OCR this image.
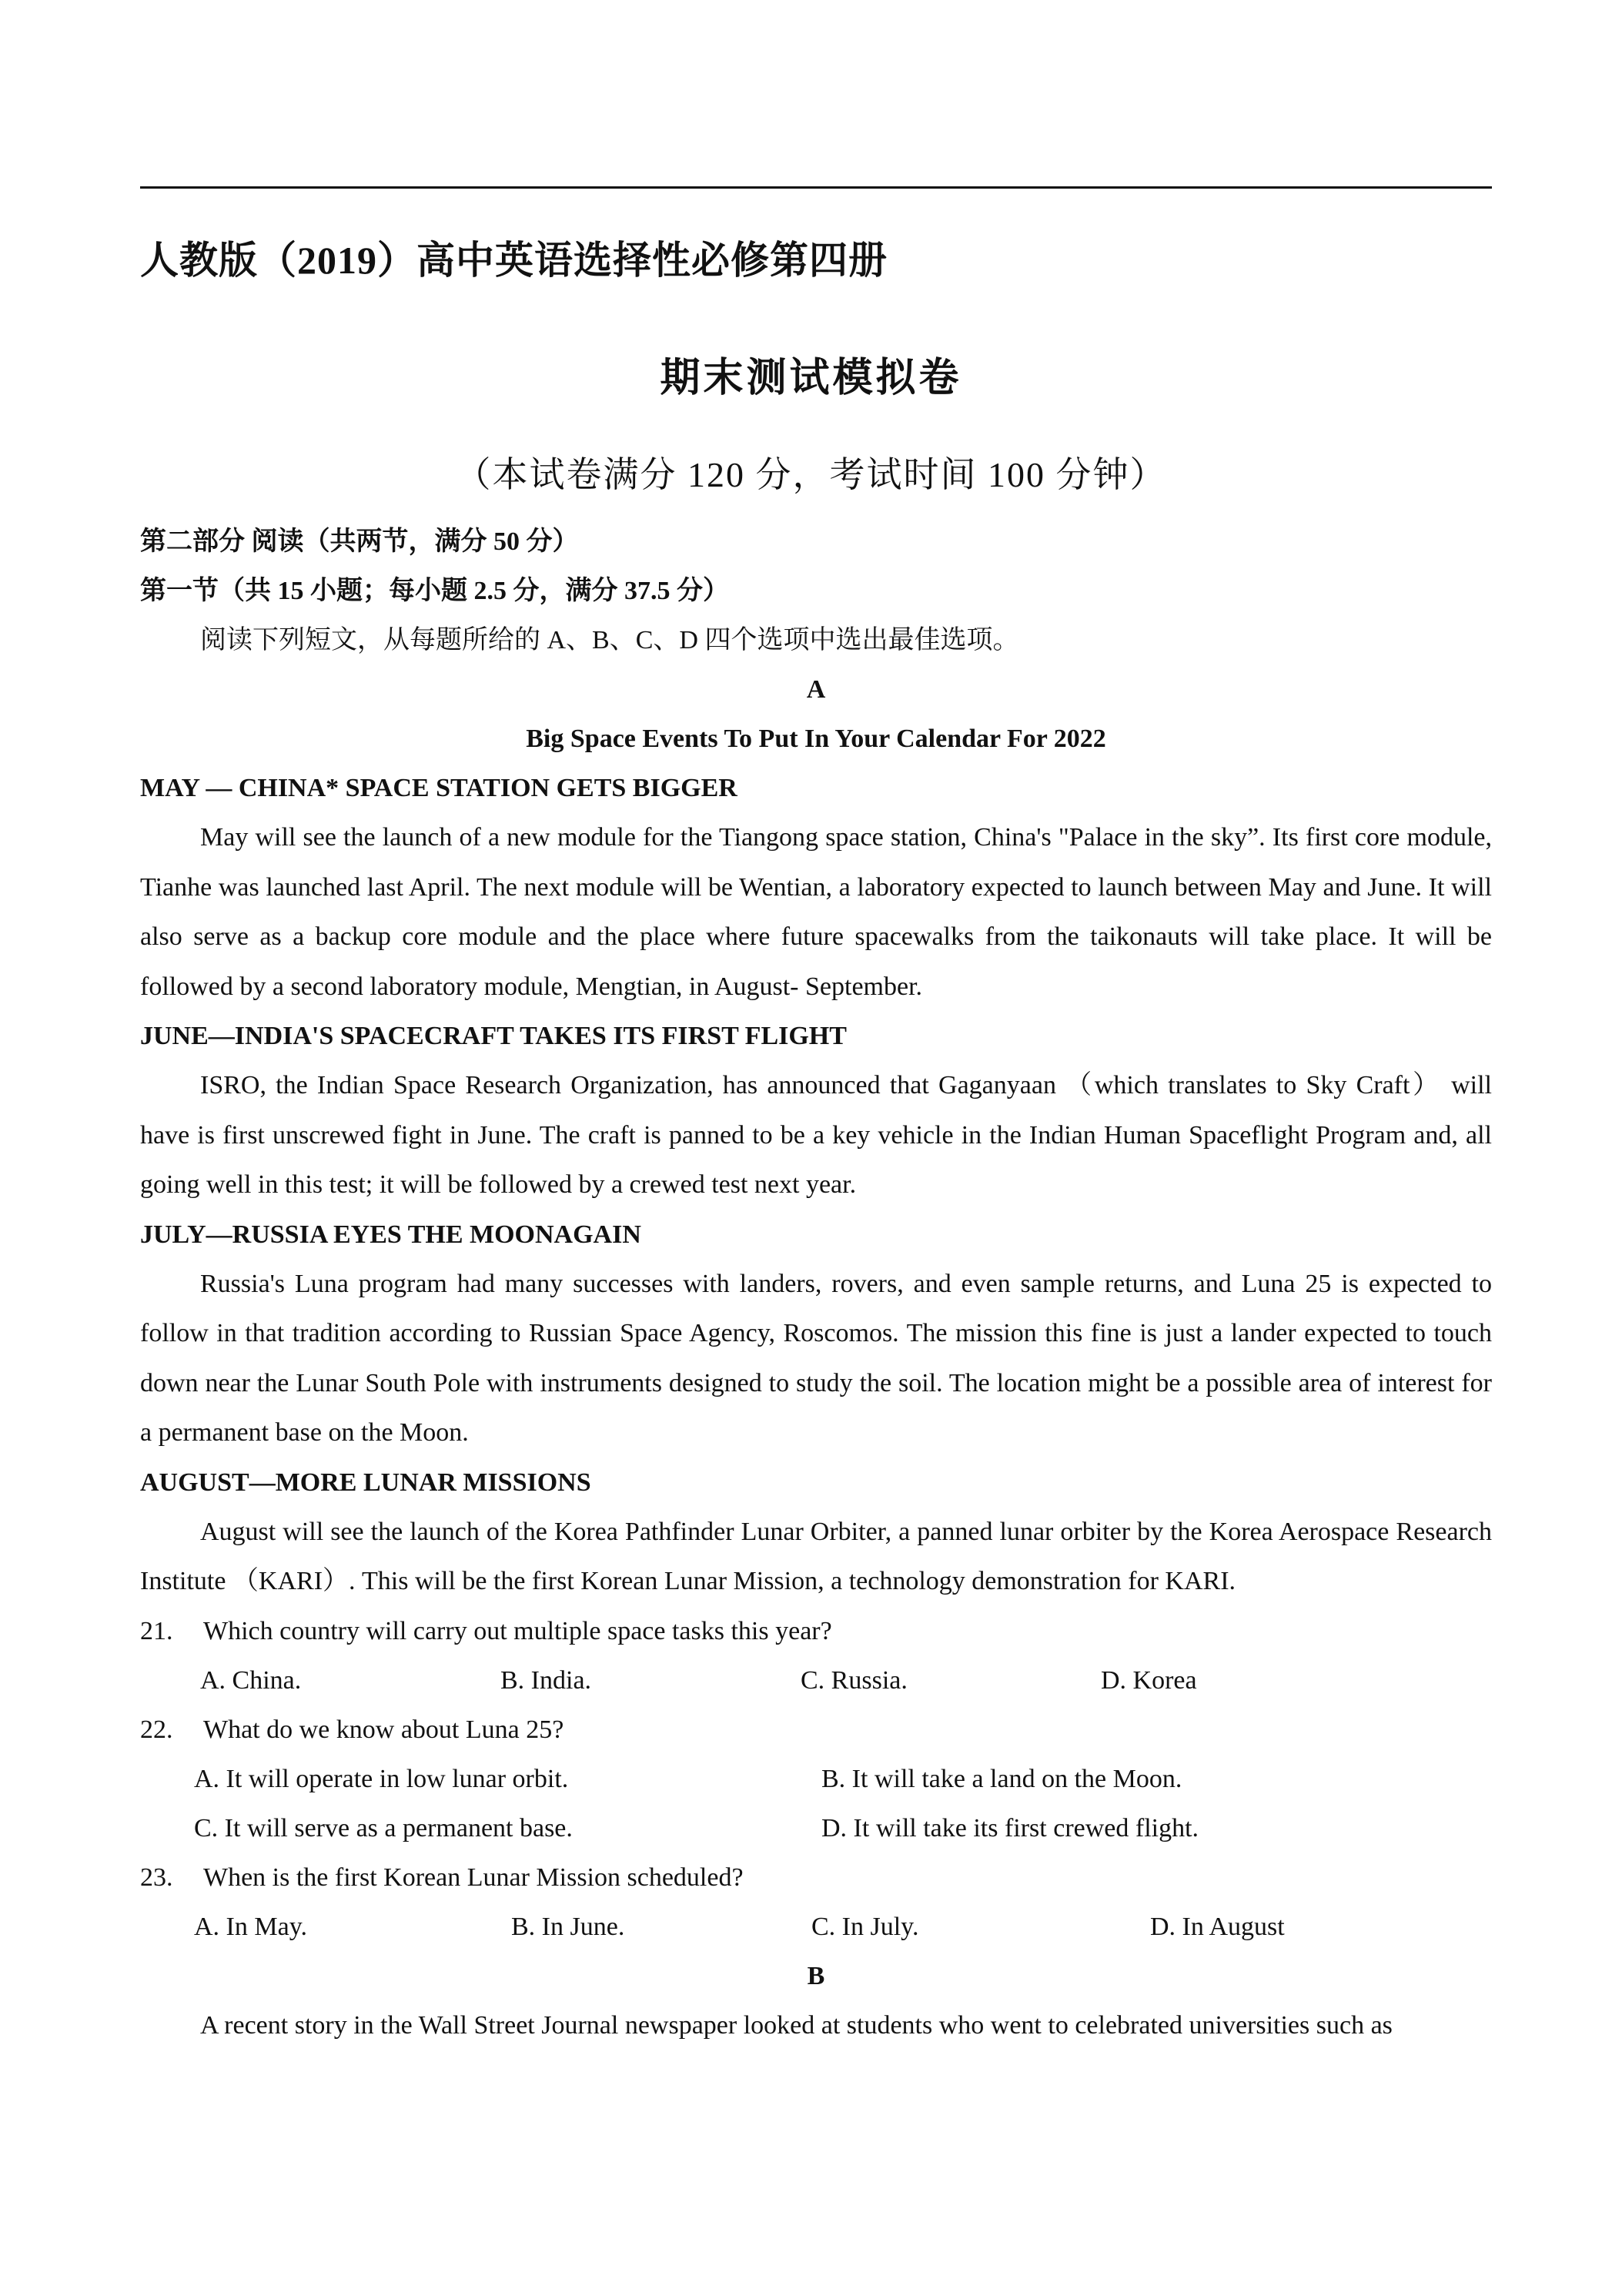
人教版（2019）高中英语选择性必修第四册
期末测试模拟卷
（本试卷满分 120 分，考试时间 100 分钟）
第二部分 阅读（共两节，满分 50 分）
第一节（共 15 小题；每小题 2.5 分，满分 37.5 分）
阅读下列短文，从每题所给的 A、B、C、D 四个选项中选出最佳选项。
A
Big Space Events To Put In Your Calendar For 2022
MAY — CHINA* SPACE STATION GETS BIGGER

May will see the launch of a new module for the Tiangong space station, China's "Palace in the sky”. Its first core module, Tianhe was launched last April. The next module will be Wentian, a laboratory expected to launch between May and June. It will also serve as a backup core module and the place where future spacewalks from the taikonauts will take place. It will be followed by a second laboratory module, Mengtian, in August- September.

JUNE—INDIA'S SPACECRAFT TAKES ITS FIRST FLIGHT

ISRO, the Indian Space Research Organization, has announced that Gaganyaan （which translates to Sky Craft） will have is first unscrewed fight in June. The craft is panned to be a key vehicle in the Indian Human Spaceflight Program and, all going well in this test; it will be followed by a crewed test next year.

JULY—RUSSIA EYES THE MOONAGAIN

Russia's Luna program had many successes with landers, rovers, and even sample returns, and Luna 25 is expected to follow in that tradition according to Russian Space Agency, Roscomos. The mission this fine is just a lander expected to touch down near the Lunar South Pole with instruments designed to study the soil. The location might be a possible area of interest for a permanent base on the Moon.

AUGUST—MORE LUNAR MISSIONS

August will see the launch of the Korea Pathfinder Lunar Orbiter, a panned lunar orbiter by the Korea Aerospace Research Institute （KARI）. This will be the first Korean Lunar Mission, a technology demonstration for KARI.

21.	Which country will carry out multiple space tasks this year?
A. China.	B. India.	C. Russia.	D. Korea
22.	What do we know about Luna 25?
A. It will operate in low lunar orbit.	B. It will take a land on the Moon.
C. It will serve as a permanent base.	D. It will take its first crewed flight.
23.	When is the first Korean Lunar Mission scheduled?
A. In May.	B. In June.	C. In July.	D. In August
B
A recent story in the Wall Street Journal newspaper looked at students who went to celebrated universities such as
